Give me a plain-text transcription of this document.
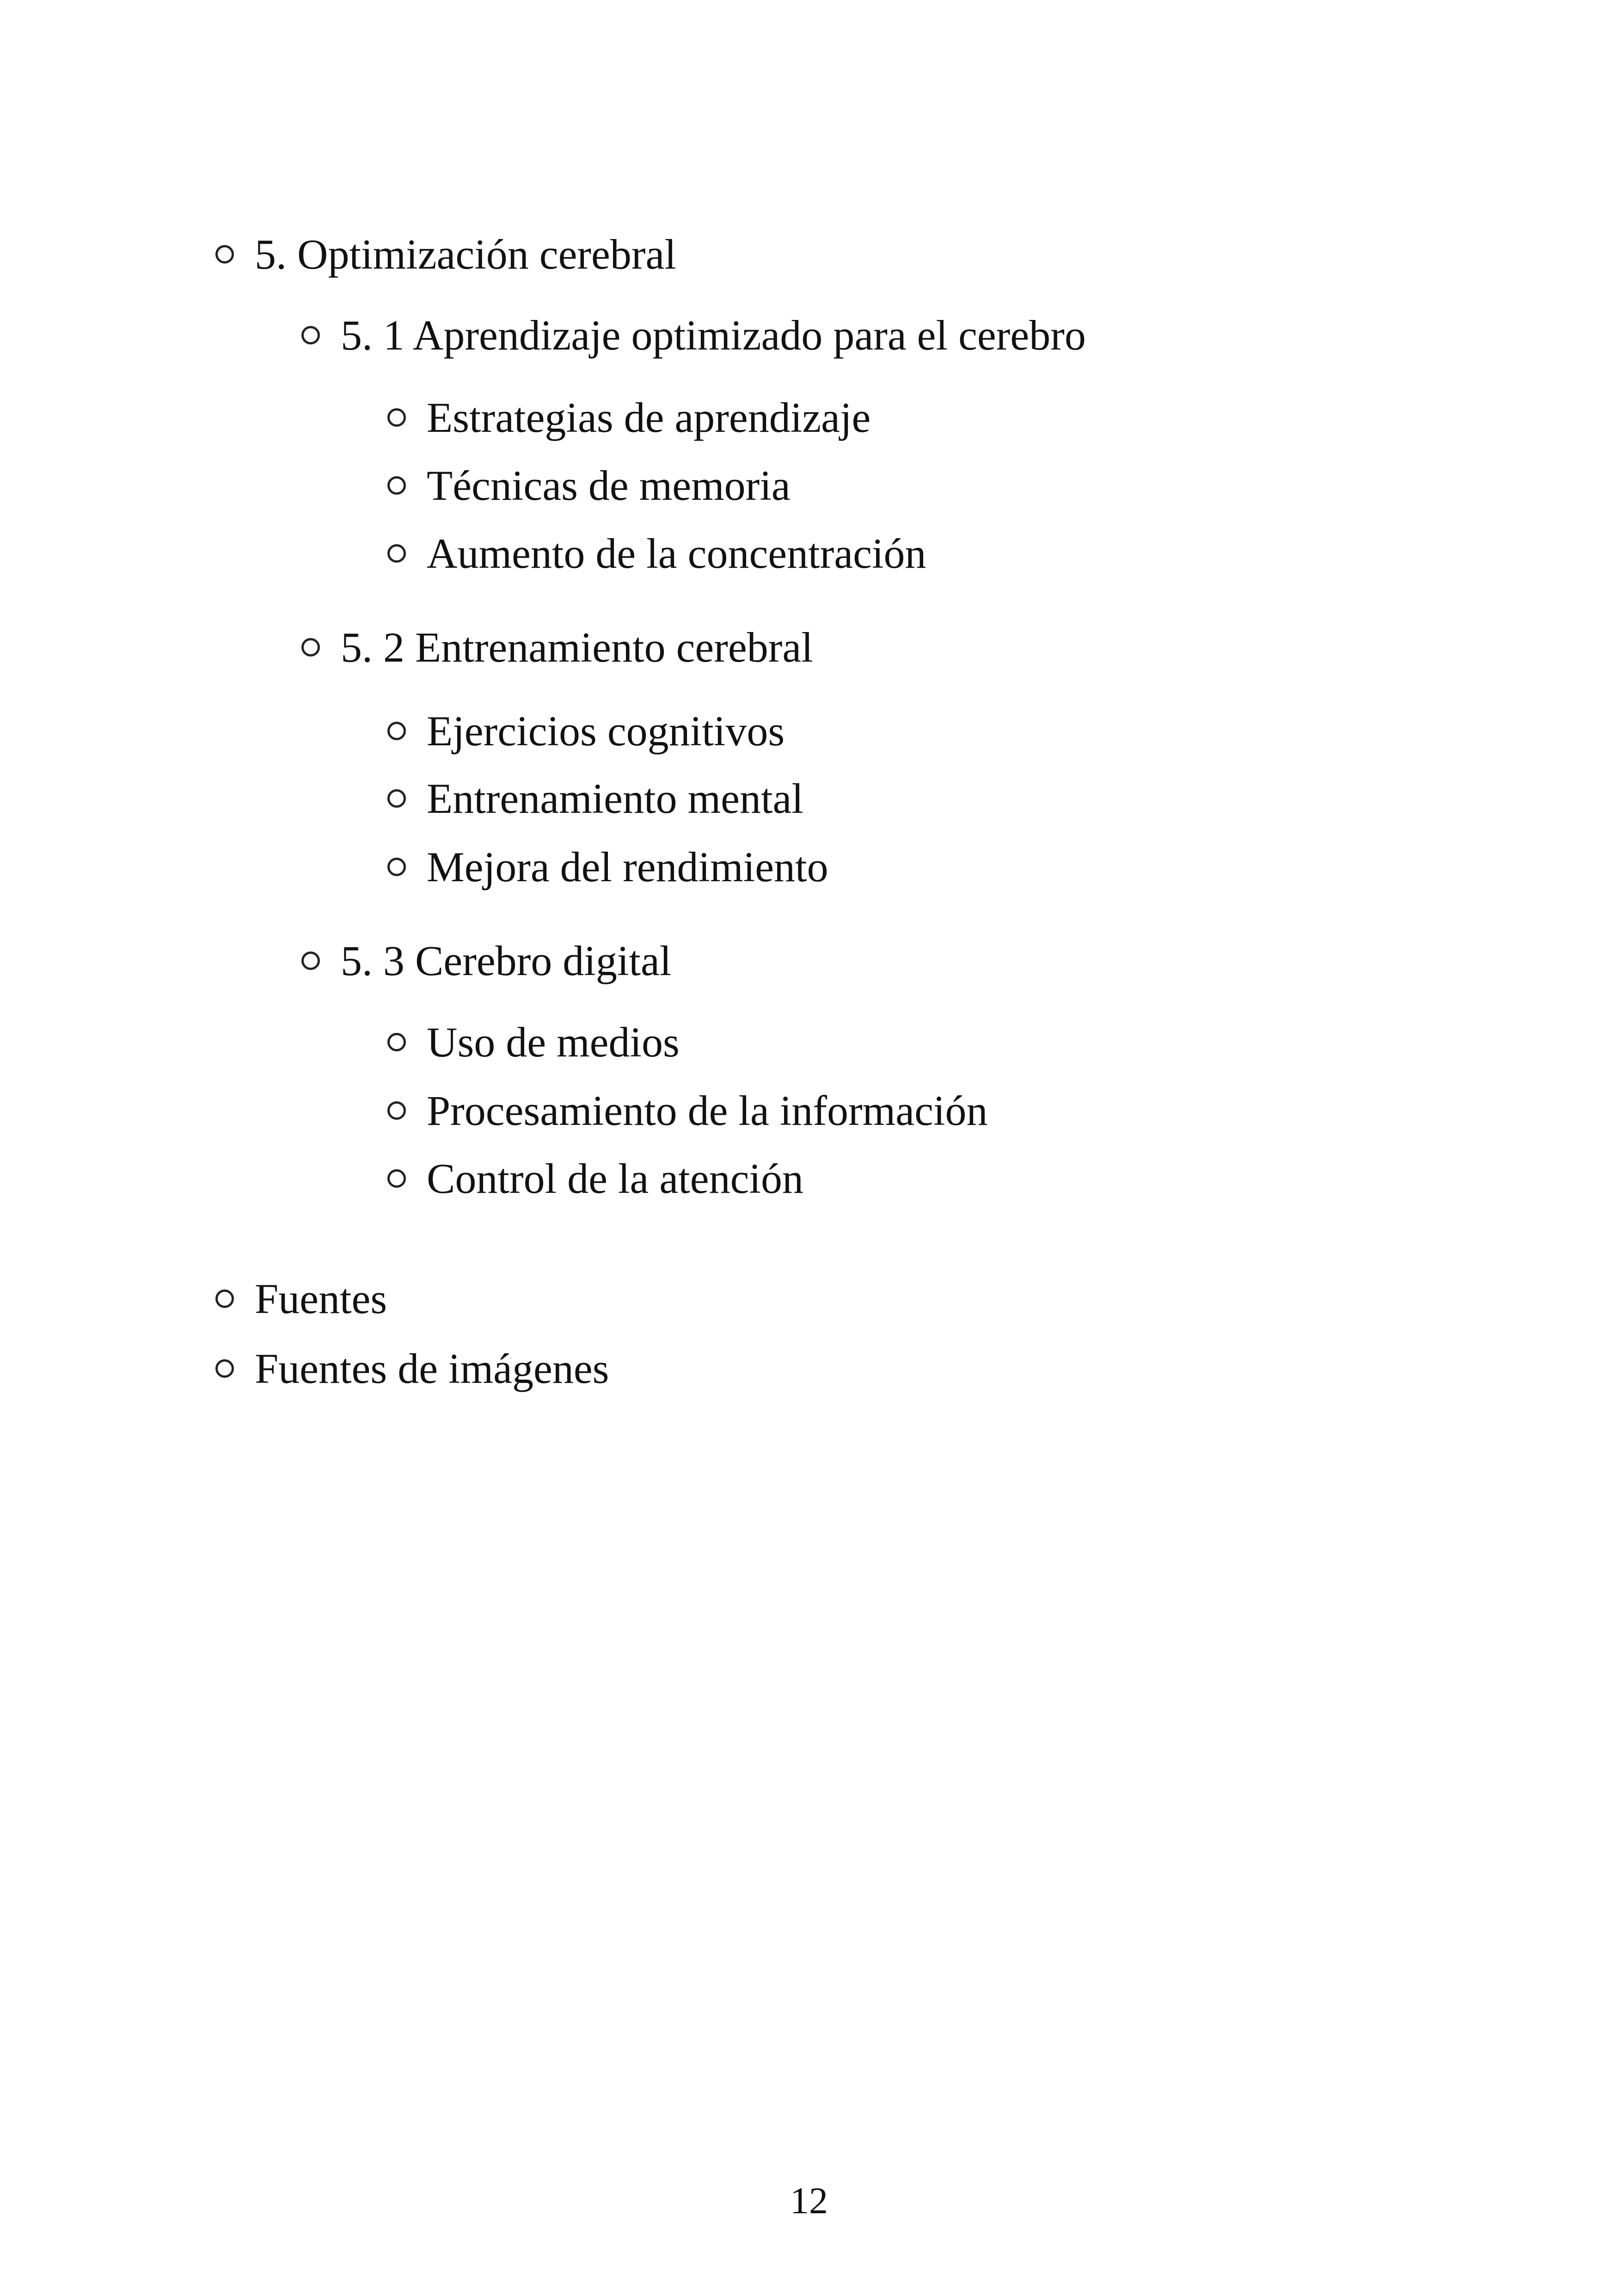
5. Optimización cerebral
5. 1 Aprendizaje optimizado para el cerebro
Estrategias de aprendizaje
Técnicas de memoria
Aumento de la concentración
5. 2 Entrenamiento cerebral
Ejercicios cognitivos
Entrenamiento mental
Mejora del rendimiento
5. 3 Cerebro digital
Uso de medios
Procesamiento de la información
Control de la atención
Fuentes
Fuentes de imágenes
12
